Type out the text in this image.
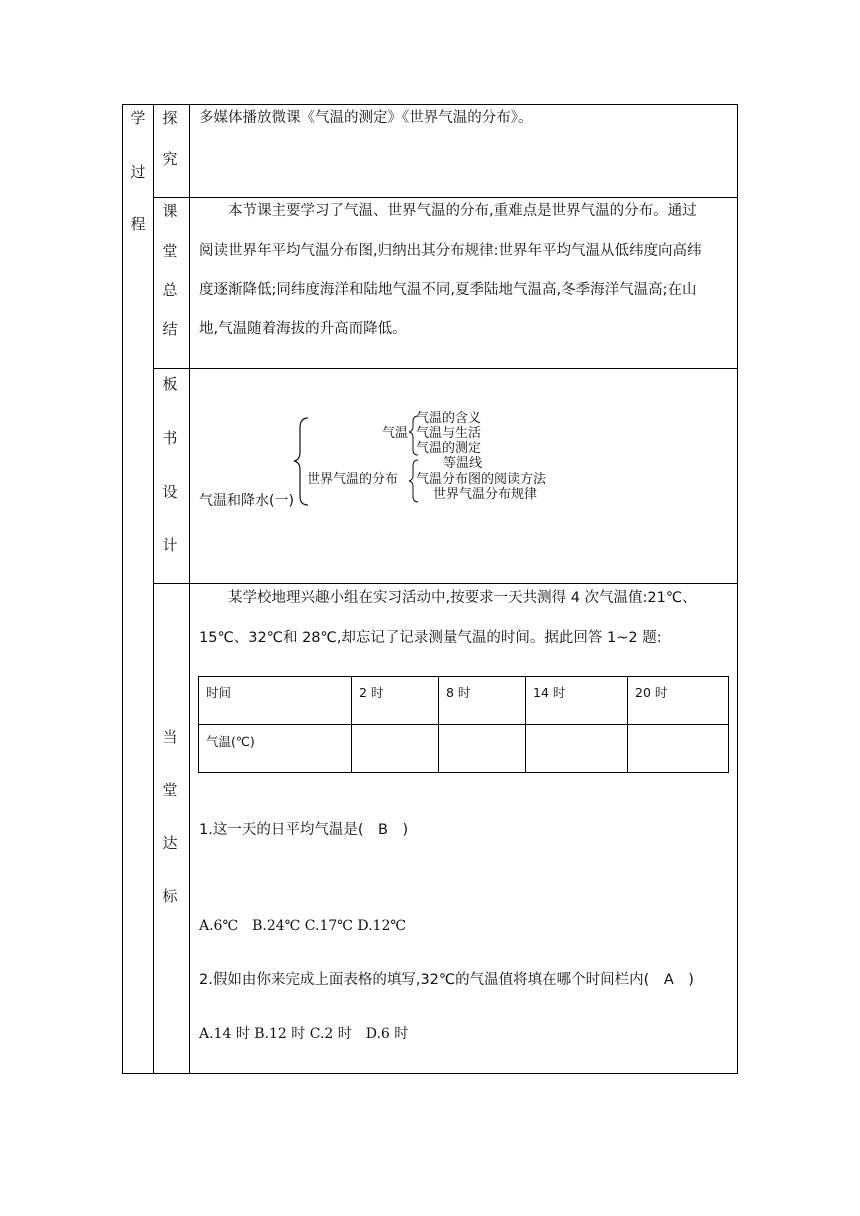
学
过
程
探
究
多媒体播放微课《气温的测定》《世界气温的分布》。
课
堂
总
结
本节课主要学习了气温、世界气温的分布,重难点是世界气温的分布。通过
阅读世界年平均气温分布图,归纳出其分布规律:世界年平均气温从低纬度向高纬
度逐渐降低;同纬度海洋和陆地气温不同,夏季陆地气温高,冬季海洋气温高;在山
地,气温随着海拔的升高而降低。
板
书
设
计
气温和降水(一)
气温
气温的含义
气温与生活
气温的测定
世界气温的分布
等温线
气温分布图的阅读方法
世界气温分布规律
当
堂
达
标
某学校地理兴趣小组在实习活动中,按要求一天共测得 4 次气温值:21℃、
15℃、32℃和 28℃,却忘记了记录测量气温的时间。据此回答 1~2 题:
时间	2 时	8 时	14 时	20 时
气温(℃)
1.这一天的日平均气温是(　B　)
A.6℃　B.24℃ C.17℃ D.12℃
2.假如由你来完成上面表格的填写,32℃的气温值将填在哪个时间栏内(　A　)
A.14 时 B.12 时 C.2 时　D.6 时
